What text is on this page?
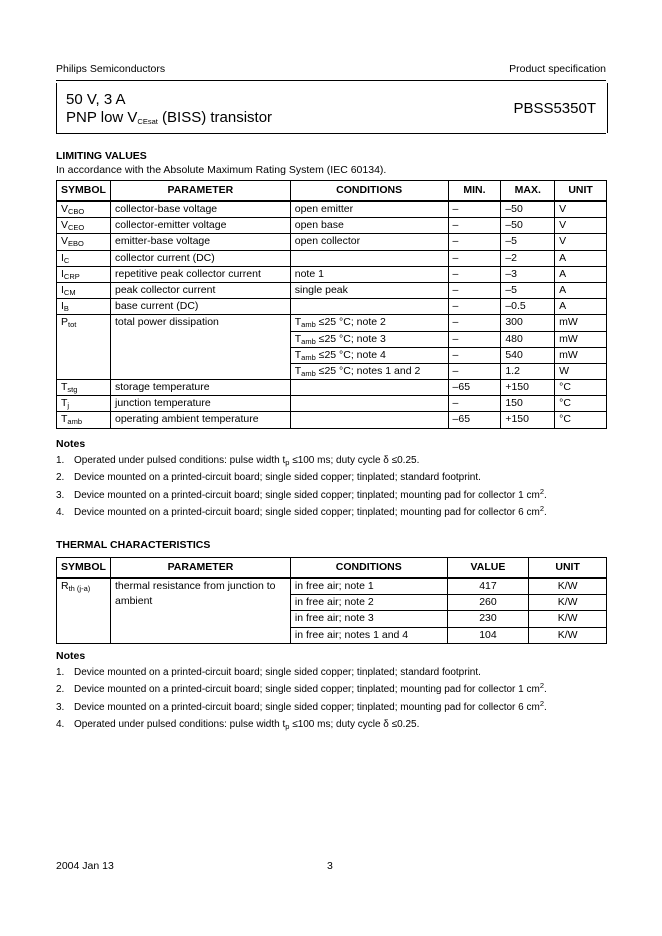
Philips Semiconductors	Product specification
50 V, 3 A
PNP low $V_{CEsat}$ (BISS) transistor
PBSS5350T
LIMITING VALUES
In accordance with the Absolute Maximum Rating System (IEC 60134).
SYMBOL	PARAMETER	CONDITIONS	MIN.	MAX.	UNIT
$V_{CBO}$	collector-base voltage	open emitter	–	–50	V
$V_{CEO}$	collector-emitter voltage	open base	–	–50	V
$V_{EBO}$	emitter-base voltage	open collector	–	–5	V
$I_C$	collector current (DC)		–	–2	A
$I_{CRP}$	repetitive peak collector current	note 1	–	–3	A
$I_{CM}$	peak collector current	single peak	–	–5	A
$I_B$	base current (DC)		–	–0.5	A
$P_{tot}$	total power dissipation	$T_{amb} \le 25$ °C; note 2	–	300	mW
		$T_{amb} \le 25$ °C; note 3	–	480	mW
		$T_{amb} \le 25$ °C; note 4	–	540	mW
		$T_{amb} \le 25$ °C; notes 1 and 2	–	1.2	W
$T_{stg}$	storage temperature		–65	+150	°C
$T_j$	junction temperature		–	150	°C
$T_{amb}$	operating ambient temperature		–65	+150	°C
Notes
1. Operated under pulsed conditions: pulse width $t_p \le 100$ ms; duty cycle δ ≤0.25.
2. Device mounted on a printed-circuit board; single sided copper; tinplated; standard footprint.
3. Device mounted on a printed-circuit board; single sided copper; tinplated; mounting pad for collector 1 $cm^2$.
4. Device mounted on a printed-circuit board; single sided copper; tinplated; mounting pad for collector 6 $cm^2$.
THERMAL CHARACTERISTICS
SYMBOL	PARAMETER	CONDITIONS	VALUE	UNIT
$R_{th (j-a)}$	thermal resistance from junction to
ambient	in free air; note 1	417	K/W
		in free air; note 2	260	K/W
		in free air; note 3	230	K/W
		in free air; notes 1 and 4	104	K/W
Notes
1. Device mounted on a printed-circuit board; single sided copper; tinplated; standard footprint.
2. Device mounted on a printed-circuit board; single sided copper; tinplated; mounting pad for collector 1 $cm^2$.
3. Device mounted on a printed-circuit board; single sided copper; tinplated; mounting pad for collector 6 $cm^2$.
4. Operated under pulsed conditions: pulse width $t_p \le 100$ ms; duty cycle δ ≤0.25.
2004 Jan 13	3
